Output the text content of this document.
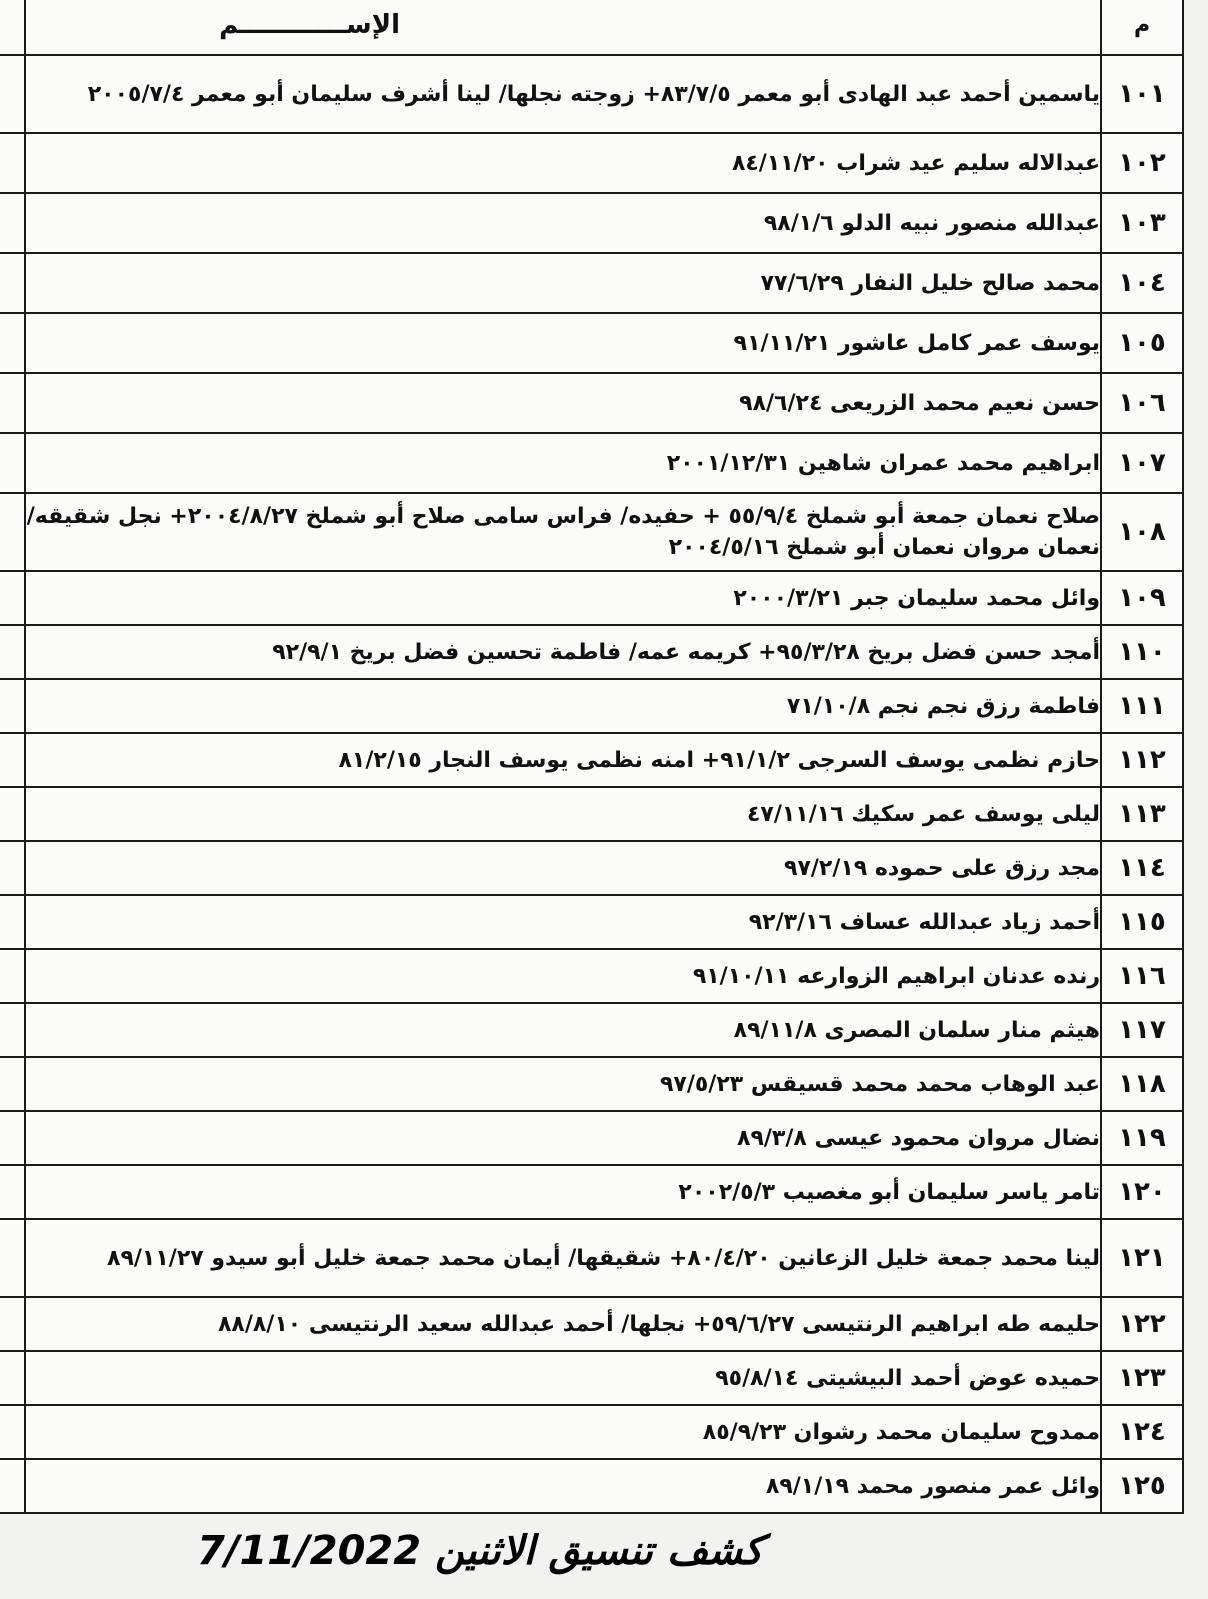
م	الإســــــــــــم	
١٠١	ياسمين أحمد عبد الهادى أبو معمر ٨٣/٧/٥+ زوجته نجلها/ لينا أشرف سليمان أبو معمر ٢٠٠٥/٧/٤	
١٠٢	عبدالاله سليم عيد شراب ٨٤/١١/٢٠	
١٠٣	عبدالله منصور نبيه الدلو ٩٨/١/٦	
١٠٤	محمد صالح خليل النفار ٧٧/٦/٢٩	
١٠٥	يوسف عمر كامل عاشور ٩١/١١/٢١	
١٠٦	حسن نعيم محمد الزريعى ٩٨/٦/٢٤	
١٠٧	ابراهيم محمد عمران شاهين ٢٠٠١/١٢/٣١	
١٠٨	صلاح نعمان جمعة أبو شملخ ٥٥/٩/٤ + حفيده/ فراس سامى صلاح أبو شملخ ٢٠٠٤/٨/٢٧+ نجل شقيقه/ نعمان مروان نعمان أبو شملخ ٢٠٠٤/٥/١٦	
١٠٩	وائل محمد سليمان جبر ٢٠٠٠/٣/٢١	
١١٠	أمجد حسن فضل بريخ ٩٥/٣/٢٨+ كريمه عمه/ فاطمة تحسين فضل بريخ ٩٢/٩/١	
١١١	فاطمة رزق نجم نجم ٧١/١٠/٨	
١١٢	حازم نظمى يوسف السرجى ٩١/١/٢+ امنه نظمى يوسف النجار ٨١/٢/١٥	
١١٣	ليلى يوسف عمر سكيك ٤٧/١١/١٦	
١١٤	مجد رزق على حموده ٩٧/٢/١٩	
١١٥	أحمد زياد عبدالله عساف ٩٢/٣/١٦	
١١٦	رنده عدنان ابراهيم الزوارعه ٩١/١٠/١١	
١١٧	هيثم منار سلمان المصرى ٨٩/١١/٨	
١١٨	عبد الوهاب محمد محمد قسيقس ٩٧/٥/٢٣	
١١٩	نضال مروان محمود عيسى ٨٩/٣/٨	
١٢٠	تامر ياسر سليمان أبو مغصيب ٢٠٠٢/٥/٣	
١٢١	لينا محمد جمعة خليل الزعانين ٨٠/٤/٢٠+ شقيقها/ أيمان محمد جمعة خليل أبو سيدو ٨٩/١١/٢٧	
١٢٢	حليمه طه ابراهيم الرنتيسى ٥٩/٦/٢٧+ نجلها/ أحمد عبدالله سعيد الرنتيسى ٨٨/٨/١٠	
١٢٣	حميده عوض أحمد البيشيتى ٩٥/٨/١٤	
١٢٤	ممدوح سليمان محمد رشوان ٨٥/٩/٢٣	
١٢٥	وائل عمر منصور محمد ٨٩/١/١٩	
كشف تنسيق الاثنين 7/11/2022
